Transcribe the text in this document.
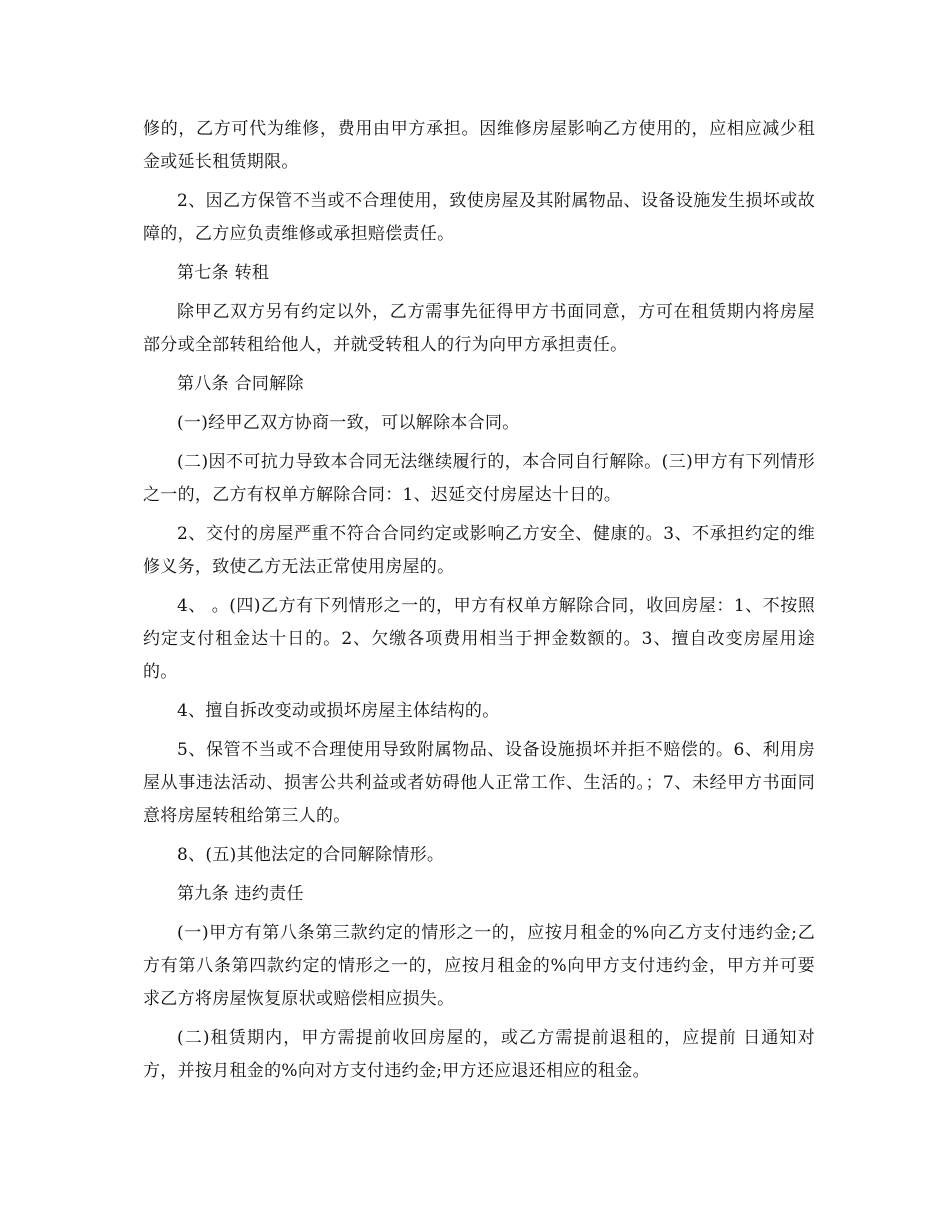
修的，乙方可代为维修，费用由甲方承担。因维修房屋影响乙方使用的，应相应减少租金或延长租赁期限。

2、因乙方保管不当或不合理使用，致使房屋及其附属物品、设备设施发生损坏或故障的，乙方应负责维修或承担赔偿责任。

第七条 转租

除甲乙双方另有约定以外，乙方需事先征得甲方书面同意，方可在租赁期内将房屋部分或全部转租给他人，并就受转租人的行为向甲方承担责任。

第八条 合同解除

(一)经甲乙双方协商一致，可以解除本合同。

(二)因不可抗力导致本合同无法继续履行的，本合同自行解除。(三)甲方有下列情形之一的，乙方有权单方解除合同：1、迟延交付房屋达十日的。

2、交付的房屋严重不符合合同约定或影响乙方安全、健康的。3、不承担约定的维修义务，致使乙方无法正常使用房屋的。

4、 。(四)乙方有下列情形之一的，甲方有权单方解除合同，收回房屋：1、不按照约定支付租金达十日的。2、欠缴各项费用相当于押金数额的。3、擅自改变房屋用途的。

4、擅自拆改变动或损坏房屋主体结构的。

5、保管不当或不合理使用导致附属物品、设备设施损坏并拒不赔偿的。6、利用房屋从事违法活动、损害公共利益或者妨碍他人正常工作、生活的。；7、未经甲方书面同意将房屋转租给第三人的。

8、(五)其他法定的合同解除情形。

第九条 违约责任

(一)甲方有第八条第三款约定的情形之一的，应按月租金的%向乙方支付违约金;乙方有第八条第四款约定的情形之一的，应按月租金的%向甲方支付违约金，甲方并可要求乙方将房屋恢复原状或赔偿相应损失。

(二)租赁期内，甲方需提前收回房屋的，或乙方需提前退租的，应提前 日通知对方，并按月租金的%向对方支付违约金;甲方还应退还相应的租金。
